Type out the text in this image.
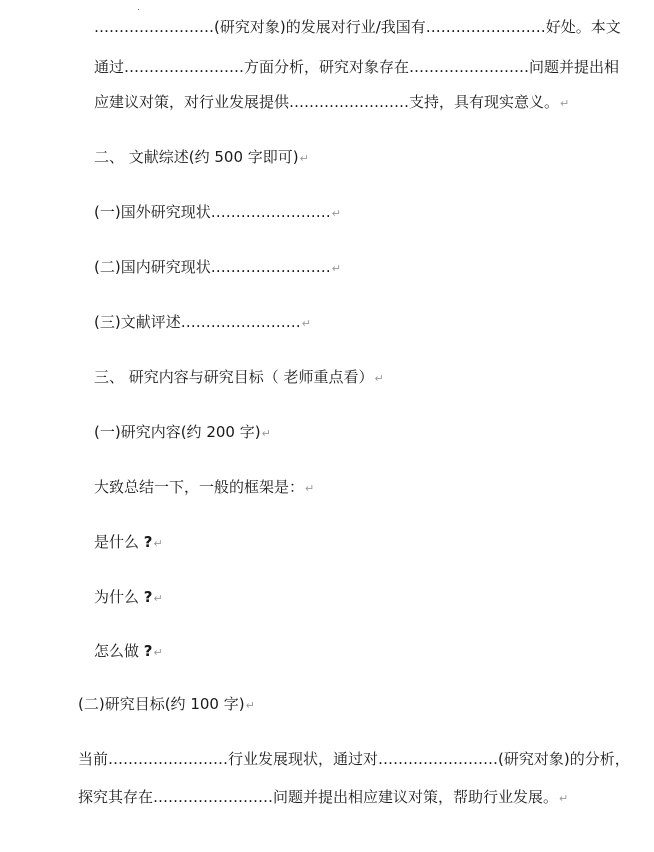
……………………(研究对象)的发展对行业/我国有……………………好处。本文
通过……………………方面分析，研究对象存在……………………问题并提出相
应建议对策，对行业发展提供……………………支持，具有现实意义。↵
二、 文献综述(约 500 字即可)↵
(一)国外研究现状……………………↵
(二)国内研究现状……………………↵
(三)文献评述……………………↵
三、 研究内容与研究目标（ 老师重点看）↵
(一)研究内容(约 200 字)↵
大致总结一下，一般的框架是：↵
是什么 ?↵
为什么 ?↵
怎么做 ?↵
(二)研究目标(约 100 字)↵
当前……………………行业发展现状，通过对……………………(研究对象)的分析，
探究其存在……………………问题并提出相应建议对策，帮助行业发展。↵
